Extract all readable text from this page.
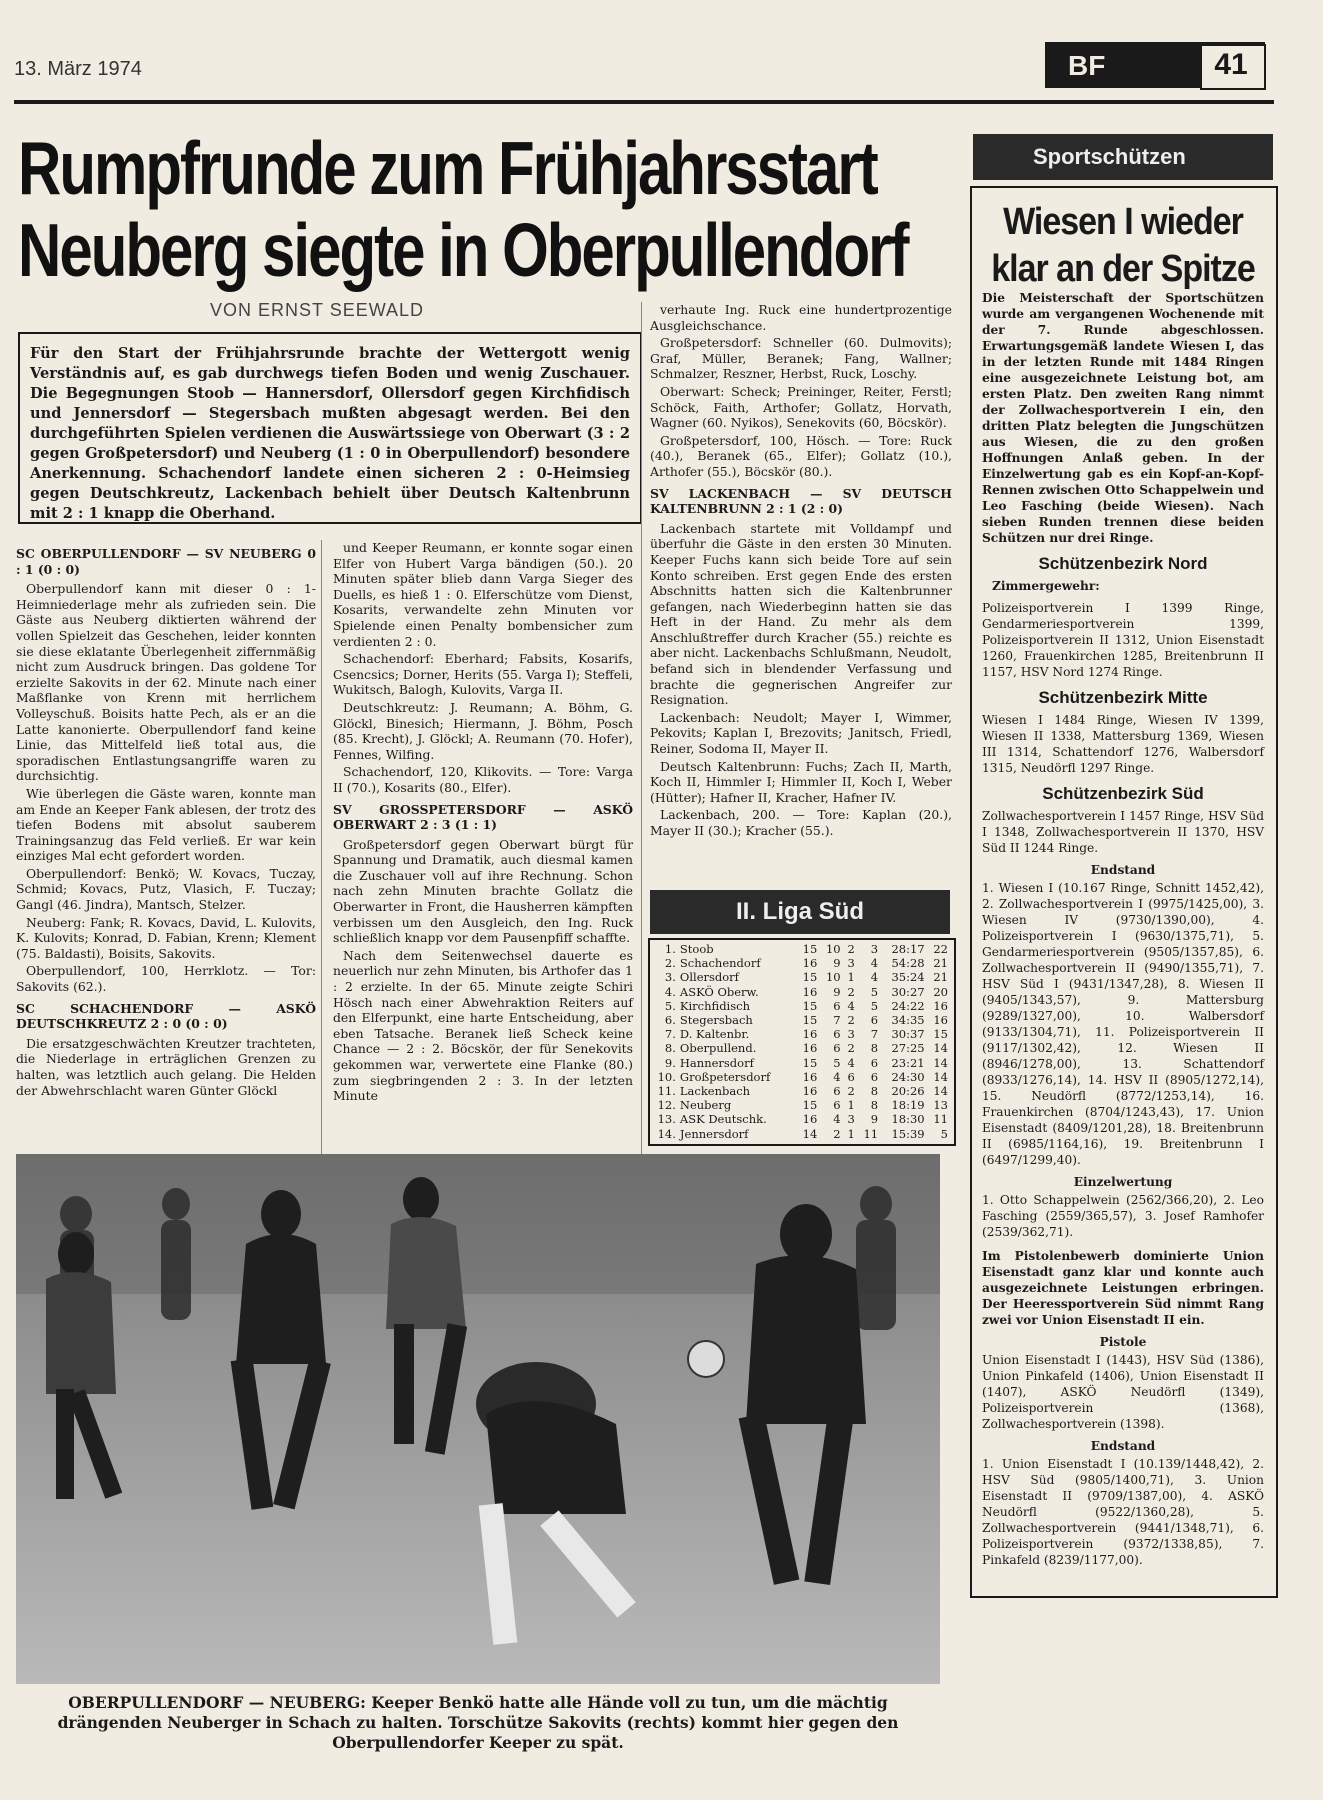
13. März 1974	BF	41
Rumpfrunde zum Frühjahrsstart
Neuberg siegte in Oberpullendorf
VON ERNST SEEWALD
Für den Start der Frühjahrsrunde brachte der Wettergott wenig Verständnis auf, es gab durchwegs tiefen Boden und wenig Zuschauer. Die Begegnungen Stoob — Hannersdorf, Ollersdorf gegen Kirchfidisch und Jennersdorf — Stegersbach mußten abgesagt werden. Bei den durchgeführten Spielen verdienen die Auswärtssiege von Oberwart (3 : 2 gegen Großpetersdorf) und Neuberg (1 : 0 in Oberpullendorf) besondere Anerkennung. Schachendorf landete einen sicheren 2 : 0-Heimsieg gegen Deutschkreutz, Lackenbach behielt über Deutsch Kaltenbrunn mit 2 : 1 knapp die Oberhand.

SC OBERPULLENDORF — SV NEUBERG 0 : 1 (0 : 0)

Oberpullendorf kann mit dieser 0 : 1-Heimniederlage mehr als zufrieden sein. Die Gäste aus Neuberg diktierten während der vollen Spielzeit das Geschehen, leider konnten sie diese eklatante Überlegenheit ziffernmäßig nicht zum Ausdruck bringen. Das goldene Tor erzielte Sakovits in der 62. Minute nach einer Maßflanke von Krenn mit herrlichem Volleyschuß. Boisits hatte Pech, als er an die Latte kanonierte. Oberpullendorf fand keine Linie, das Mittelfeld ließ total aus, die sporadischen Entlastungsangriffe waren zu durchsichtig.

Wie überlegen die Gäste waren, konnte man am Ende an Keeper Fank ablesen, der trotz des tiefen Bodens mit absolut sauberem Trainingsanzug das Feld verließ. Er war kein einziges Mal echt gefordert worden.

Oberpullendorf: Benkö; W. Kovacs, Tuczay, Schmid; Kovacs, Putz, Vlasich, F. Tuczay; Gangl (46. Jindra), Mantsch, Stelzer.

Neuberg: Fank; R. Kovacs, David, L. Kulovits, K. Kulovits; Konrad, D. Fabian, Krenn; Klement (75. Baldasti), Boisits, Sakovits.

Oberpullendorf, 100, Herrklotz. — Tor: Sakovits (62.).

SC SCHACHENDORF — ASKÖ DEUTSCHKREUTZ 2 : 0 (0 : 0)

Die ersatzgeschwächten Kreutzer trachteten, die Niederlage in erträglichen Grenzen zu halten, was letztlich auch gelang. Die Helden der Abwehrschlacht waren Günter Glöckl

und Keeper Reumann, er konnte sogar einen Elfer von Hubert Varga bändigen (50.). 20 Minuten später blieb dann Varga Sieger des Duells, es hieß 1 : 0. Elferschütze vom Dienst, Kosarits, verwandelte zehn Minuten vor Spielende einen Penalty bombensicher zum verdienten 2 : 0.

Schachendorf: Eberhard; Fabsits, Kosarifs, Csencsics; Dorner, Herits (55. Varga I); Steffeli, Wukitsch, Balogh, Kulovits, Varga II.

Deutschkreutz: J. Reumann; A. Böhm, G. Glöckl, Binesich; Hiermann, J. Böhm, Posch (85. Krecht), J. Glöckl; A. Reumann (70. Hofer), Fennes, Wilfing.

Schachendorf, 120, Klikovits. — Tore: Varga II (70.), Kosarits (80., Elfer).

SV GROSSPETERSDORF — ASKÖ OBERWART 2 : 3 (1 : 1)

Großpetersdorf gegen Oberwart bürgt für Spannung und Dramatik, auch diesmal kamen die Zuschauer voll auf ihre Rechnung. Schon nach zehn Minuten brachte Gollatz die Oberwarter in Front, die Hausherren kämpften verbissen um den Ausgleich, den Ing. Ruck schließlich knapp vor dem Pausenpfiff schaffte.

Nach dem Seitenwechsel dauerte es neuerlich nur zehn Minuten, bis Arthofer das 1 : 2 erzielte. In der 65. Minute zeigte Schiri Hösch nach einer Abwehraktion Reiters auf den Elferpunkt, eine harte Entscheidung, aber eben Tatsache. Beranek ließ Scheck keine Chance — 2 : 2. Böcskör, der für Senekovits gekommen war, verwertete eine Flanke (80.) zum siegbringenden 2 : 3. In der letzten Minute

verhaute Ing. Ruck eine hundertprozentige Ausgleichschance.

Großpetersdorf: Schneller (60. Dulmovits); Graf, Müller, Beranek; Fang, Wallner; Schmalzer, Reszner, Herbst, Ruck, Loschy.

Oberwart: Scheck; Preininger, Reiter, Ferstl; Schöck, Faith, Arthofer; Gollatz, Horvath, Wagner (60. Nyikos), Senekovits (60, Böcskör).

Großpetersdorf, 100, Hösch. — Tore: Ruck (40.), Beranek (65., Elfer); Gollatz (10.), Arthofer (55.), Böcskör (80.).

SV LACKENBACH — SV DEUTSCH KALTENBRUNN 2 : 1 (2 : 0)

Lackenbach startete mit Volldampf und überfuhr die Gäste in den ersten 30 Minuten. Keeper Fuchs kann sich beide Tore auf sein Konto schreiben. Erst gegen Ende des ersten Abschnitts hatten sich die Kaltenbrunner gefangen, nach Wiederbeginn hatten sie das Heft in der Hand. Zu mehr als dem Anschlußtreffer durch Kracher (55.) reichte es aber nicht. Lackenbachs Schlußmann, Neudolt, befand sich in blendender Verfassung und brachte die gegnerischen Angreifer zur Resignation.

Lackenbach: Neudolt; Mayer I, Wimmer, Pekovits; Kaplan I, Brezovits; Janitsch, Friedl, Reiner, Sodoma II, Mayer II.

Deutsch Kaltenbrunn: Fuchs; Zach II, Marth, Koch II, Himmler I; Himmler II, Koch I, Weber (Hütter); Hafner II, Kracher, Hafner IV.

Lackenbach, 200. — Tore: Kaplan (20.), Mayer II (30.); Kracher (55.).

II. Liga Süd
1.	Stoob	15	10	2	3	28:17	22
2.	Schachendorf	16	9	3	4	54:28	21
3.	Ollersdorf	15	10	1	4	35:24	21
4.	ASKÖ Oberw.	16	9	2	5	30:27	20
5.	Kirchfidisch	15	6	4	5	24:22	16
6.	Stegersbach	15	7	2	6	34:35	16
7.	D. Kaltenbr.	16	6	3	7	30:37	15
8.	Oberpullend.	16	6	2	8	27:25	14
9.	Hannersdorf	15	5	4	6	23:21	14
10.	Großpetersdorf	16	4	6	6	24:30	14
11.	Lackenbach	16	6	2	8	20:26	14
12.	Neuberg	15	6	1	8	18:19	13
13.	ASK Deutschk.	16	4	3	9	18:30	11
14.	Jennersdorf	14	2	1	11	15:39	5
OBERPULLENDORF — NEUBERG: Keeper Benkö hatte alle Hände voll zu tun, um die mächtig drängenden Neuberger in Schach zu halten. Torschütze Sakovits (rechts) kommt hier gegen den Oberpullendorfer Keeper zu spät.
Sportschützen
Wiesen I wieder klar an der Spitze

Die Meisterschaft der Sportschützen wurde am vergangenen Wochenende mit der 7. Runde abgeschlossen. Erwartungsgemäß landete Wiesen I, das in der letzten Runde mit 1484 Ringen eine ausgezeichnete Leistung bot, am ersten Platz. Den zweiten Rang nimmt der Zollwachesportverein I ein, den dritten Platz belegten die Jungschützen aus Wiesen, die zu den großen Hoffnungen Anlaß geben. In der Einzelwertung gab es ein Kopf-an-Kopf-Rennen zwischen Otto Schappelwein und Leo Fasching (beide Wiesen). Nach sieben Runden trennen diese beiden Schützen nur drei Ringe.

Schützenbezirk Nord

Zimmergewehr:

Polizeisportverein I 1399 Ringe, Gendarmeriesportverein 1399, Polizeisportverein II 1312, Union Eisenstadt 1260, Frauenkirchen 1285, Breitenbrunn II 1157, HSV Nord 1274 Ringe.

Schützenbezirk Mitte

Wiesen I 1484 Ringe, Wiesen IV 1399, Wiesen II 1338, Mattersburg 1369, Wiesen III 1314, Schattendorf 1276, Walbersdorf 1315, Neudörfl 1297 Ringe.

Schützenbezirk Süd

Zollwachesportverein I 1457 Ringe, HSV Süd I 1348, Zollwachesportverein II 1370, HSV Süd II 1244 Ringe.

Endstand

1. Wiesen I (10.167 Ringe, Schnitt 1452,42), 2. Zollwachesportverein I (9975/1425,00), 3. Wiesen IV (9730/1390,00), 4. Polizeisportverein I (9630/1375,71), 5. Gendarmeriesportverein (9505/1357,85), 6. Zollwachesportverein II (9490/1355,71), 7. HSV Süd I (9431/1347,28), 8. Wiesen II (9405/1343,57), 9. Mattersburg (9289/1327,00), 10. Walbersdorf (9133/1304,71), 11. Polizeisportverein II (9117/1302,42), 12. Wiesen II (8946/1278,00), 13. Schattendorf (8933/1276,14), 14. HSV II (8905/1272,14), 15. Neudörfl (8772/1253,14), 16. Frauenkirchen (8704/1243,43), 17. Union Eisenstadt (8409/1201,28), 18. Breitenbrunn II (6985/1164,16), 19. Breitenbrunn I (6497/1299,40).

Einzelwertung

1. Otto Schappelwein (2562/366,20), 2. Leo Fasching (2559/365,57), 3. Josef Ramhofer (2539/362,71).

Im Pistolenbewerb dominierte Union Eisenstadt ganz klar und konnte auch ausgezeichnete Leistungen erbringen. Der Heeressportverein Süd nimmt Rang zwei vor Union Eisenstadt II ein.

Pistole

Union Eisenstadt I (1443), HSV Süd (1386), Union Pinkafeld (1406), Union Eisenstadt II (1407), ASKÖ Neudörfl (1349), Polizeisportverein (1368), Zollwachesportverein (1398).

Endstand

1. Union Eisenstadt I (10.139/1448,42), 2. HSV Süd (9805/1400,71), 3. Union Eisenstadt II (9709/1387,00), 4. ASKÖ Neudörfl (9522/1360,28), 5. Zollwachesportverein (9441/1348,71), 6. Polizeisportverein (9372/1338,85), 7. Pinkafeld (8239/1177,00).
